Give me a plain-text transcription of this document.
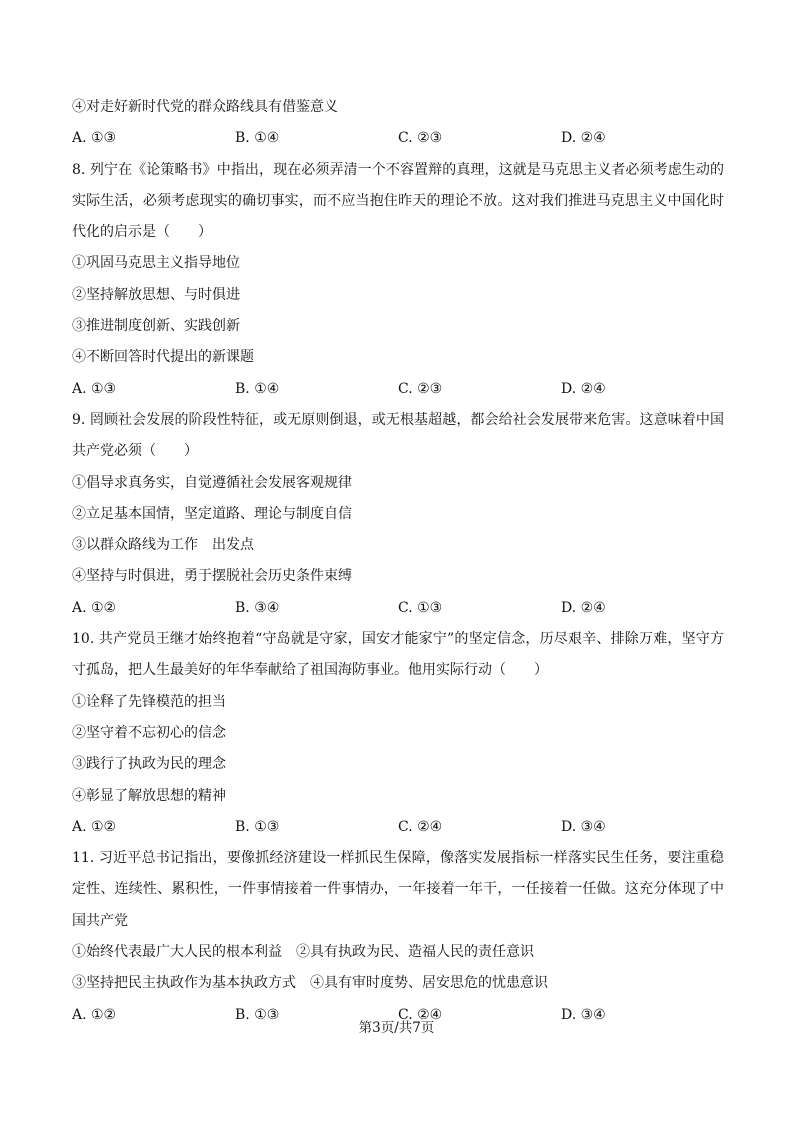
④对走好新时代党的群众路线具有借鉴意义
A. ①③	B. ①④	C. ②③	D. ②④
8. 列宁在《论策略书》中指出，现在必须弄清一个不容置辩的真理，这就是马克思主义者必须考虑生动的实际生活，必须考虑现实的确切事实，而不应当抱住昨天的理论不放。这对我们推进马克思主义中国化时代化的启示是（　　）
①巩固马克思主义指导地位
②坚持解放思想、与时俱进
③推进制度创新、实践创新
④不断回答时代提出的新课题
A. ①③	B. ①④	C. ②③	D. ②④
9. 罔顾社会发展的阶段性特征，或无原则倒退，或无根基超越，都会给社会发展带来危害。这意味着中国共产党必须（　　）
①倡导求真务实，自觉遵循社会发展客观规律
②立足基本国情，坚定道路、理论与制度自信
③以群众路线为工作　出发点
④坚持与时俱进，勇于摆脱社会历史条件束缚
A. ①②	B. ③④	C. ①③	D. ②④
10. 共产党员王继才始终抱着“守岛就是守家，国安才能家宁”的坚定信念，历尽艰辛、排除万难，坚守方寸孤岛，把人生最美好的年华奉献给了祖国海防事业。他用实际行动（　　）
①诠释了先锋模范的担当
②坚守着不忘初心的信念
③践行了执政为民的理念
④彰显了解放思想的精神
A. ①②	B. ①③	C. ②④	D. ③④
11. 习近平总书记指出，要像抓经济建设一样抓民生保障，像落实发展指标一样落实民生任务，要注重稳定性、连续性、累积性，一件事情接着一件事情办，一年接着一年干，一任接着一任做。这充分体现了中国共产党
①始终代表最广大人民的根本利益　②具有执政为民、造福人民的责任意识
③坚持把民主执政作为基本执政方式　④具有审时度势、居安思危的忧患意识
A. ①②	B. ①③	C. ②④	D. ③④
第3页/共7页
